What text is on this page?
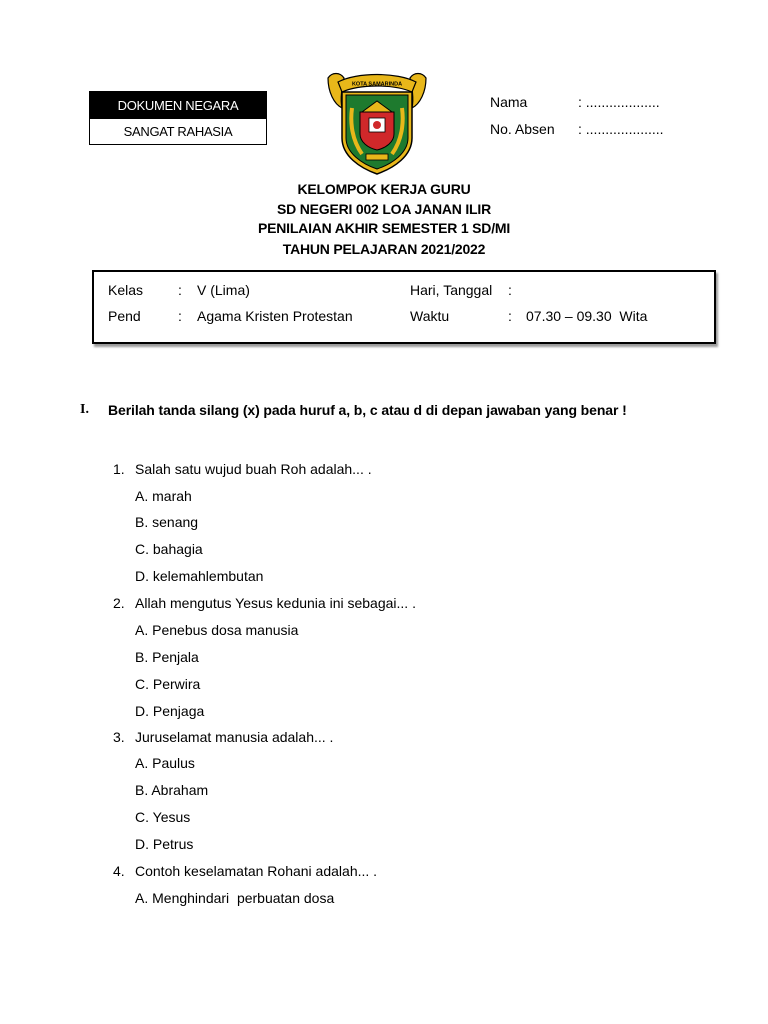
DOKUMEN NEGARA
SANGAT RAHASIA
KOTA SAMARINDA
Nama	: ...................
No. Absen : ....................
KELOMPOK KERJA GURU
SD NEGERI 002 LOA JANAN ILIR
PENILAIAN AKHIR SEMESTER 1 SD/MI
TAHUN PELAJARAN 2021/2022
Kelas : V (Lima)	Hari, Tanggal :
Pend	: Agama Kristen Protestan	Waktu	: 07.30 – 09.30  Wita
I. Berilah tanda silang (x) pada huruf a, b, c atau d di depan jawaban yang benar !
1. Salah satu wujud buah Roh adalah... .
A. marah
B. senang
C. bahagia
D. kelemahlembutan
2. Allah mengutus Yesus kedunia ini sebagai... .
A. Penebus dosa manusia
B. Penjala
C. Perwira
D. Penjaga
3. Juruselamat manusia adalah... .
A. Paulus
B. Abraham
C. Yesus
D. Petrus
4. Contoh keselamatan Rohani adalah... .
A. Menghindari  perbuatan dosa
